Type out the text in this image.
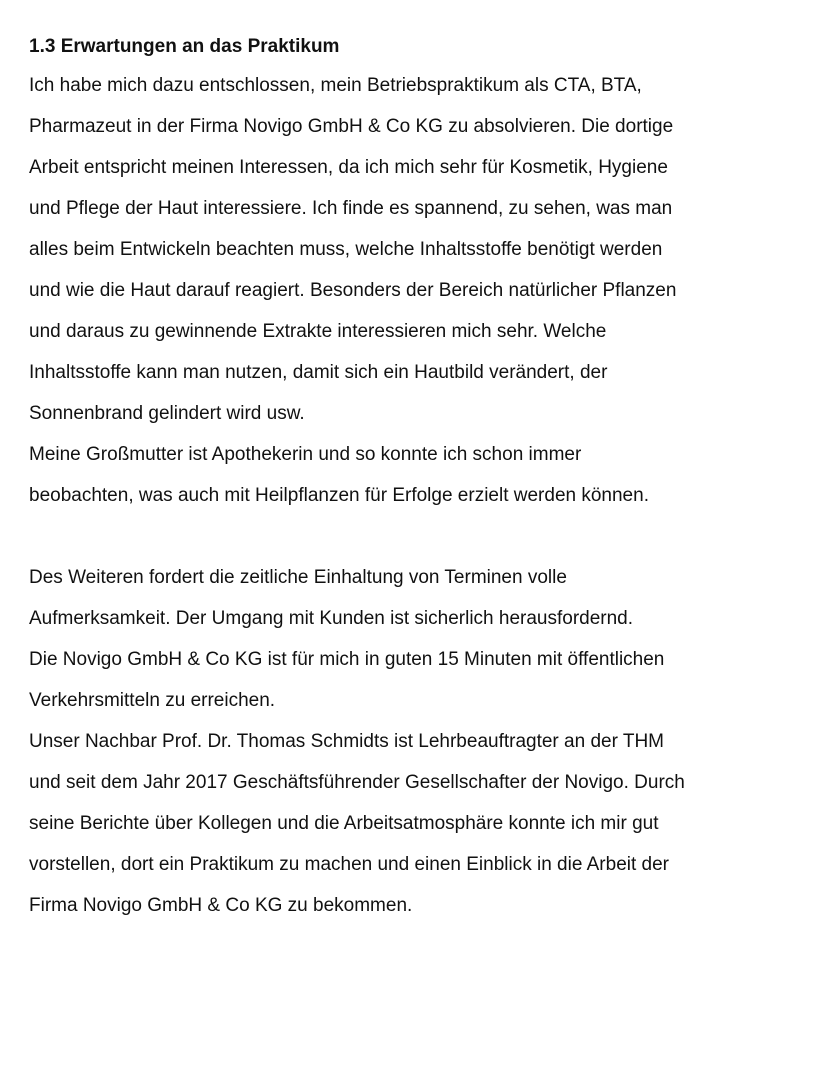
1.3 Erwartungen an das Praktikum

Ich habe mich dazu entschlossen, mein Betriebspraktikum als CTA, BTA,

Pharmazeut in der Firma Novigo GmbH & Co KG zu absolvieren. Die dortige

Arbeit entspricht meinen Interessen, da ich mich sehr für Kosmetik, Hygiene

und Pflege der Haut interessiere. Ich finde es spannend, zu sehen, was man

alles beim Entwickeln beachten muss, welche Inhaltsstoffe benötigt werden

und wie die Haut darauf reagiert. Besonders der Bereich natürlicher Pflanzen

und daraus zu gewinnende Extrakte interessieren mich sehr. Welche

Inhaltsstoffe kann man nutzen, damit sich ein Hautbild verändert, der

Sonnenbrand gelindert wird usw.

Meine Großmutter ist Apothekerin und so konnte ich schon immer

beobachten, was auch mit Heilpflanzen für Erfolge erzielt werden können.

Des Weiteren fordert die zeitliche Einhaltung von Terminen volle

Aufmerksamkeit. Der Umgang mit Kunden ist sicherlich herausfordernd.

Die Novigo GmbH & Co KG ist für mich in guten 15 Minuten mit öffentlichen

Verkehrsmitteln zu erreichen.

Unser Nachbar Prof. Dr. Thomas Schmidts ist Lehrbeauftragter an der THM

und seit dem Jahr 2017 Geschäftsführender Gesellschafter der Novigo. Durch

seine Berichte über Kollegen und die Arbeitsatmosphäre konnte ich mir gut

vorstellen, dort ein Praktikum zu machen und einen Einblick in die Arbeit der

Firma Novigo GmbH & Co KG zu bekommen.
